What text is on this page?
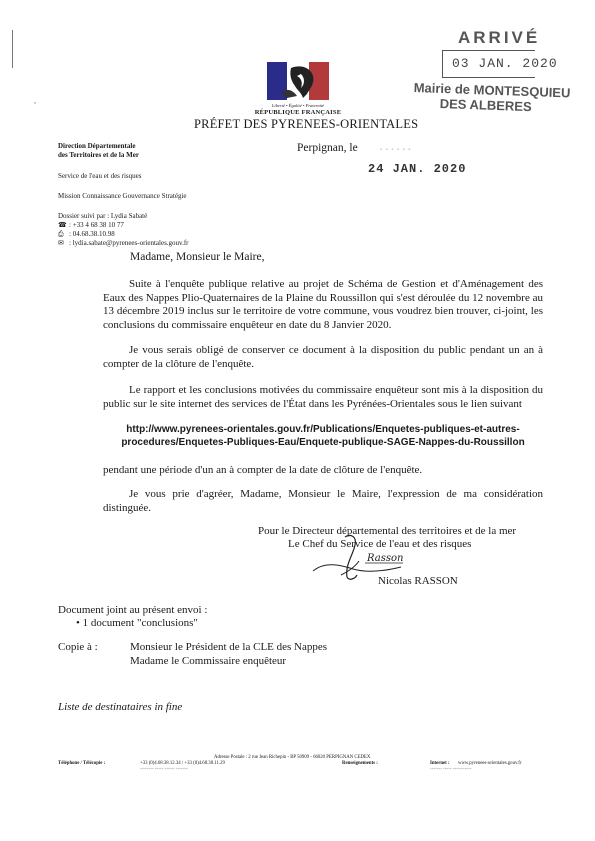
,
ARRIVÉ
03 JAN. 2020
Mairie de MONTESQUIEU
DES ALBERES
Liberté • Égalité • Fraternité
RÉPUBLIQUE FRANÇAISE
PRÉFET DES PYRENEES-ORIENTALES
Direction Départementale
des Territoires et de la Mer
Service de l'eau et des risques
Mission Connaissance Gouvernance Stratégie
Dossier suivi par : Lydia Sabaté
☎ : +33 4 68 38 10 77
⎙ : 04.68.38.10.98
✉ : lydia.sabate@pyrenees-orientales.gouv.fr
Perpignan, le	▪ ▪ ▪ ▪ ▪ ▪
24 JAN. 2020
Madame, Monsieur le Maire,
Suite à l'enquête publique relative au projet de Schéma de Gestion et d'Aménagement des Eaux des Nappes Plio-Quaternaires de la Plaine du Roussillon qui s'est déroulée du 12 novembre au 13 décembre 2019 inclus sur le territoire de votre commune, vous voudrez bien trouver, ci-joint, les conclusions du commissaire enquêteur en date du 8 Janvier 2020.
Je vous serais obligé de conserver ce document à la disposition du public pendant un an à compter de la clôture de l'enquête.
Le rapport et les conclusions motivées du commissaire enquêteur sont mis à la disposition du public sur le site internet des services de l'État dans les Pyrénées-Orientales sous le lien suivant
http://www.pyrenees-orientales.gouv.fr/Publications/Enquetes-publiques-et-autres-
procedures/Enquetes-Publiques-Eau/Enquete-publique-SAGE-Nappes-du-Roussillon
pendant une période d'un an à compter de la date de clôture de l'enquête.
Je vous prie d'agréer, Madame, Monsieur le Maire, l'expression de ma considération distinguée.
Pour le Directeur départemental des territoires et de la mer
Le Chef du Service de l'eau et des risques
Rasson
Nicolas RASSON
Document joint au présent envoi :
• 1 document "conclusions"
Copie à :	Monsieur le Président de la CLE des Nappes
Madame le Commissaire enquêteur
Liste de destinataires in fine
Adresse Postale : 2 rue Jean Richepin - BP 50909 - 66020 PERPIGNAN CEDEX
Téléphone / Télécopie :	+33 (0)4.68.38.12.34 / +33 (0)4.68.38.11.29	Renseignements :	Internet : www.pyrenees-orientales.gouv.fr
▪▪▪▪▪▪▪▪ ▪▪▪▪▪ ▪▪▪▪▪▪ ▪▪▪▪▪▪▪	▪▪▪▪▪▪▪ ▪▪▪▪▪ ▪▪▪▪▪▪▪▪▪▪▪
